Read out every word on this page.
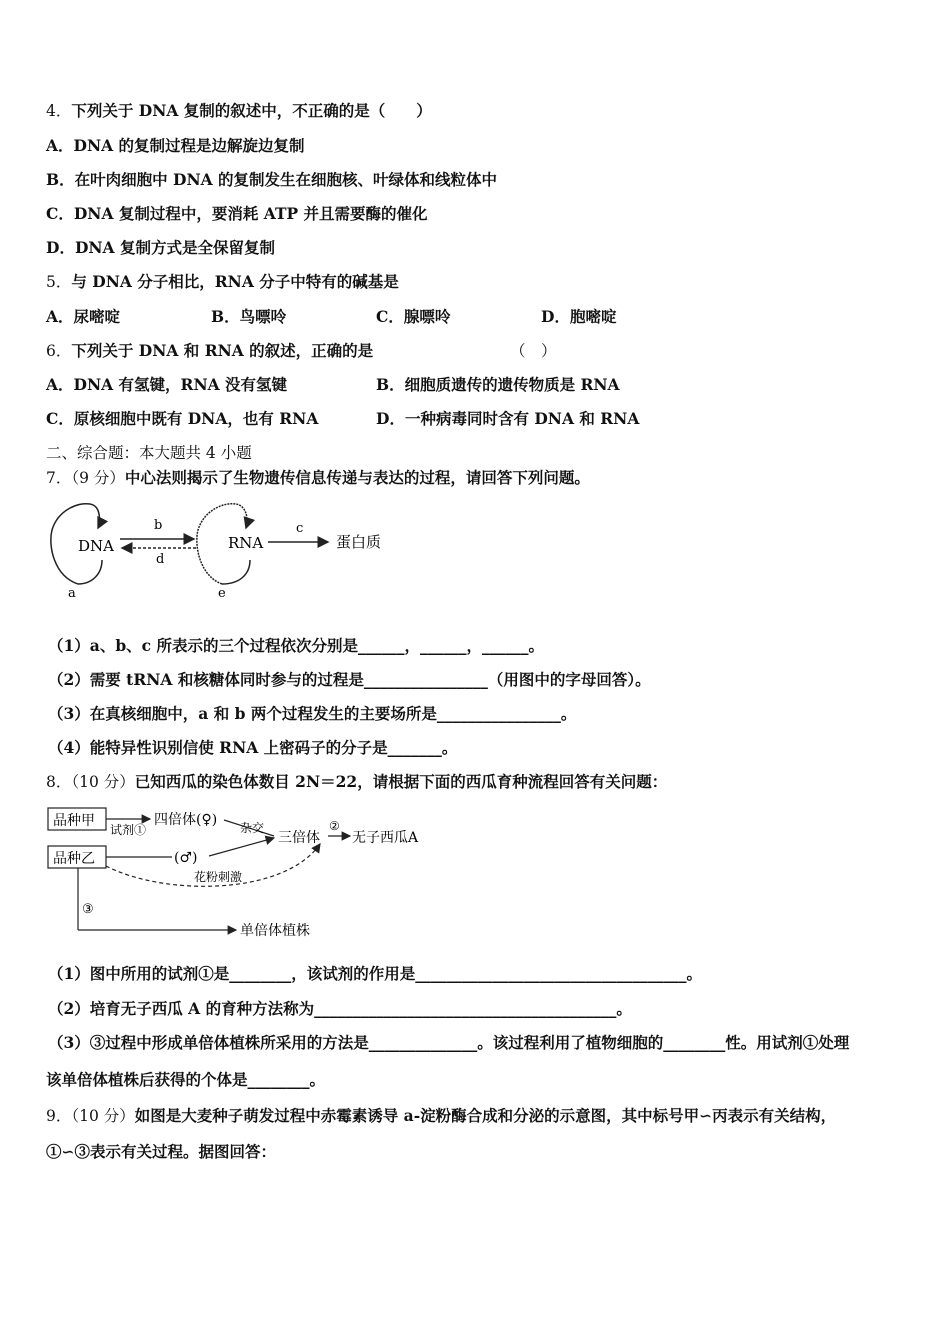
4．下列关于 DNA 复制的叙述中，不正确的是（　　）
A．DNA 的复制过程是边解旋边复制
B．在叶肉细胞中 DNA 的复制发生在细胞核、叶绿体和线粒体中
C．DNA 复制过程中，要消耗 ATP 并且需要酶的催化
D．DNA 复制方式是全保留复制
5．与 DNA 分子相比，RNA 分子中特有的碱基是
A．尿嘧啶	B．鸟嘌呤	C．腺嘌呤	D．胞嘧啶
6．下列关于 DNA 和 RNA 的叙述，正确的是	（　）
A．DNA 有氢键，RNA 没有氢键	B．细胞质遗传的遗传物质是 RNA
C．原核细胞中既有 DNA，也有 RNA	D．一种病毒同时含有 DNA 和 RNA
二、综合题：本大题共 4 小题
7．（9 分）中心法则揭示了生物遗传信息传递与表达的过程，请回答下列问题。
DNA
a
b
d
RNA
e
c
蛋白质
（1）a、b、c 所表示的三个过程依次分别是______，______，______。
（2）需要 tRNA 和核糖体同时参与的过程是________________（用图中的字母回答）。
（3）在真核细胞中，a 和 b 两个过程发生的主要场所是________________。
（4）能特异性识别信使 RNA 上密码子的分子是_______。
8．（10 分）已知西瓜的染色体数目 2N＝22，请根据下面的西瓜育种流程回答有关问题：
品种甲
试剂①
四倍体(♀)
品种乙	(♂)
杂交
三倍体
②
无子西瓜A
花粉刺激
③
单倍体植株
（1）图中所用的试剂①是________，该试剂的作用是___________________________________。
（2）培育无子西瓜 A 的育种方法称为_______________________________________。
（3）③过程中形成单倍体植株所采用的方法是______________。该过程利用了植物细胞的________性。用试剂①处理
该单倍体植株后获得的个体是________。
9．（10 分）如图是大麦种子萌发过程中赤霉素诱导 a-淀粉酶合成和分泌的示意图，其中标号甲∽丙表示有关结构，
①∽③表示有关过程。据图回答：
